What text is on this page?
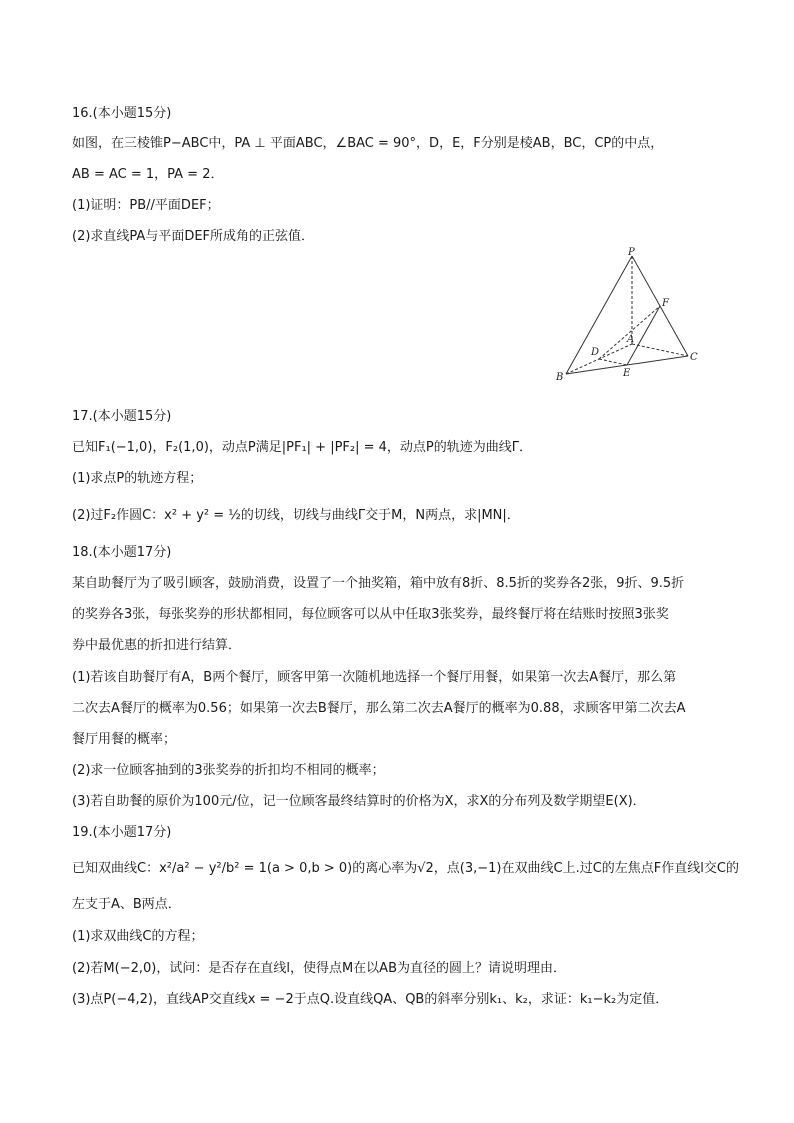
16.(本小题15分)
如图，在三棱锥P−ABC中，PA ⊥ 平面ABC，∠BAC = 90°，D，E，F分别是棱AB，BC，CP的中点，
AB = AC = 1，PA = 2．
(1)证明：PB//平面DEF；
(2)求直线PA与平面DEF所成角的正弦值．
P
F
A
D	C
B	E
17.(本小题15分)
已知F₁(−1,0)，F₂(1,0)，动点P满足|PF₁| + |PF₂| = 4，动点P的轨迹为曲线Γ．
(1)求点P的轨迹方程；
(2)过F₂作圆C：x² + y² = ½的切线，切线与曲线Γ交于M，N两点，求|MN|．
18.(本小题17分)
某自助餐厅为了吸引顾客，鼓励消费，设置了一个抽奖箱，箱中放有8折、8.5折的奖券各2张，9折、9.5折
的奖券各3张，每张奖券的形状都相同，每位顾客可以从中任取3张奖券，最终餐厅将在结账时按照3张奖
券中最优惠的折扣进行结算．
(1)若该自助餐厅有A，B两个餐厅，顾客甲第一次随机地选择一个餐厅用餐，如果第一次去A餐厅，那么第
二次去A餐厅的概率为0.56；如果第一次去B餐厅，那么第二次去A餐厅的概率为0.88，求顾客甲第二次去A
餐厅用餐的概率；
(2)求一位顾客抽到的3张奖券的折扣均不相同的概率；
(3)若自助餐的原价为100元/位，记一位顾客最终结算时的价格为X，求X的分布列及数学期望E(X)．
19.(本小题17分)
已知双曲线C：x²/a² − y²/b² = 1(a > 0,b > 0)的离心率为√2，点(3,−1)在双曲线C上.过C的左焦点F作直线l交C的
左支于A、B两点．
(1)求双曲线C的方程；
(2)若M(−2,0)，试问：是否存在直线l，使得点M在以AB为直径的圆上？请说明理由．
(3)点P(−4,2)，直线AP交直线x = −2于点Q.设直线QA、QB的斜率分别k₁、k₂，求证：k₁−k₂为定值．
